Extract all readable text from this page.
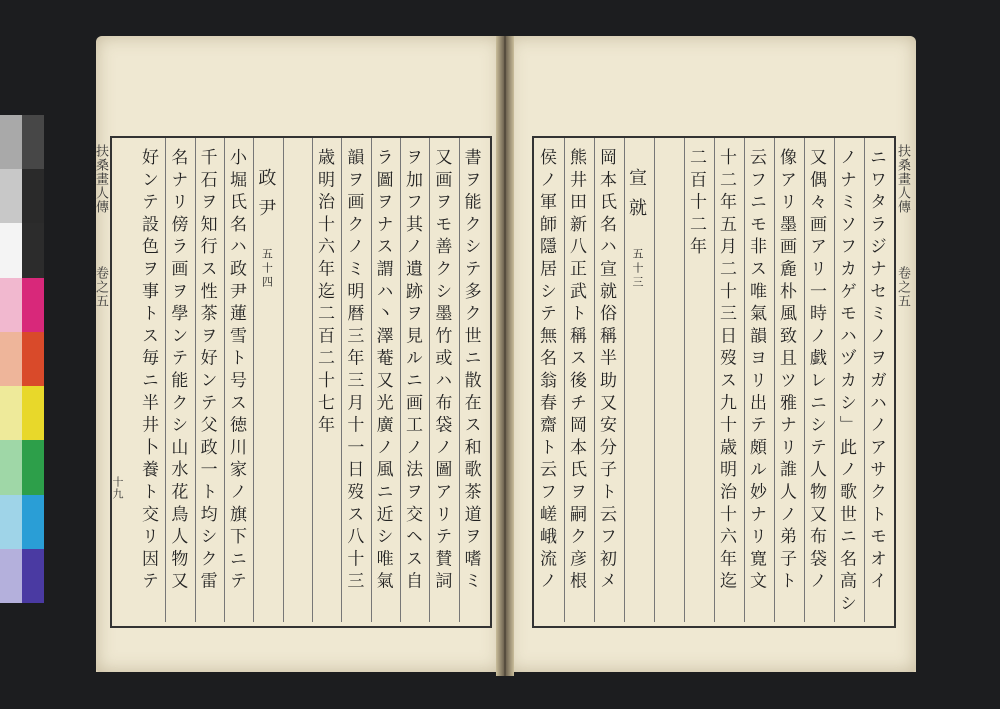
扶桑畫人傳
卷之五
十九	書ヲ能クシテ多ク世ニ散在ス和歌茶道ヲ嗜ミ
又画ヲモ善クシ墨竹或ハ布袋ノ圖アリテ賛詞
ヲ加フ其ノ遺跡ヲ見ルニ画工ノ法ヲ交ヘス自
ラ圖ヲナス謂ハ丶澤菴又光廣ノ風ニ近シ唯氣
韻ヲ画クノミ明暦三年三月十一日歿ス八十三
歳明治十六年迄二百二十七年
政尹
五十四
小堀氏名ハ政尹蓮雪ト号ス徳川家ノ旗下ニテ
千石ヲ知行ス性茶ヲ好ンテ父政一ト均シク雷
名ナリ傍ラ画ヲ學ンテ能クシ山水花鳥人物又
好ンテ設色ヲ事トス毎ニ半井卜養ト交リ因テ	扶桑畫人傳
卷之五
ニワタラジナセミノヲガハノアサクトモオイ
ノナミソフカゲモハヅカシ」此ノ歌世ニ名高シ
又偶々画アリ一時ノ戯レニシテ人物又布袋ノ
像アリ墨画麁朴風致且ツ雅ナリ誰人ノ弟子ト
云フニモ非ス唯氣韻ヨリ出テ頗ル妙ナリ寛文
十二年五月二十三日歿ス九十歳明治十六年迄
二百十二年
宣就
五十三
岡本氏名ハ宣就俗稱半助又安分子ト云フ初メ
熊井田新八正武ト稱ス後チ岡本氏ヲ嗣ク彦根
侯ノ軍師隱居シテ無名翁春齋ト云フ嵯峨流ノ
